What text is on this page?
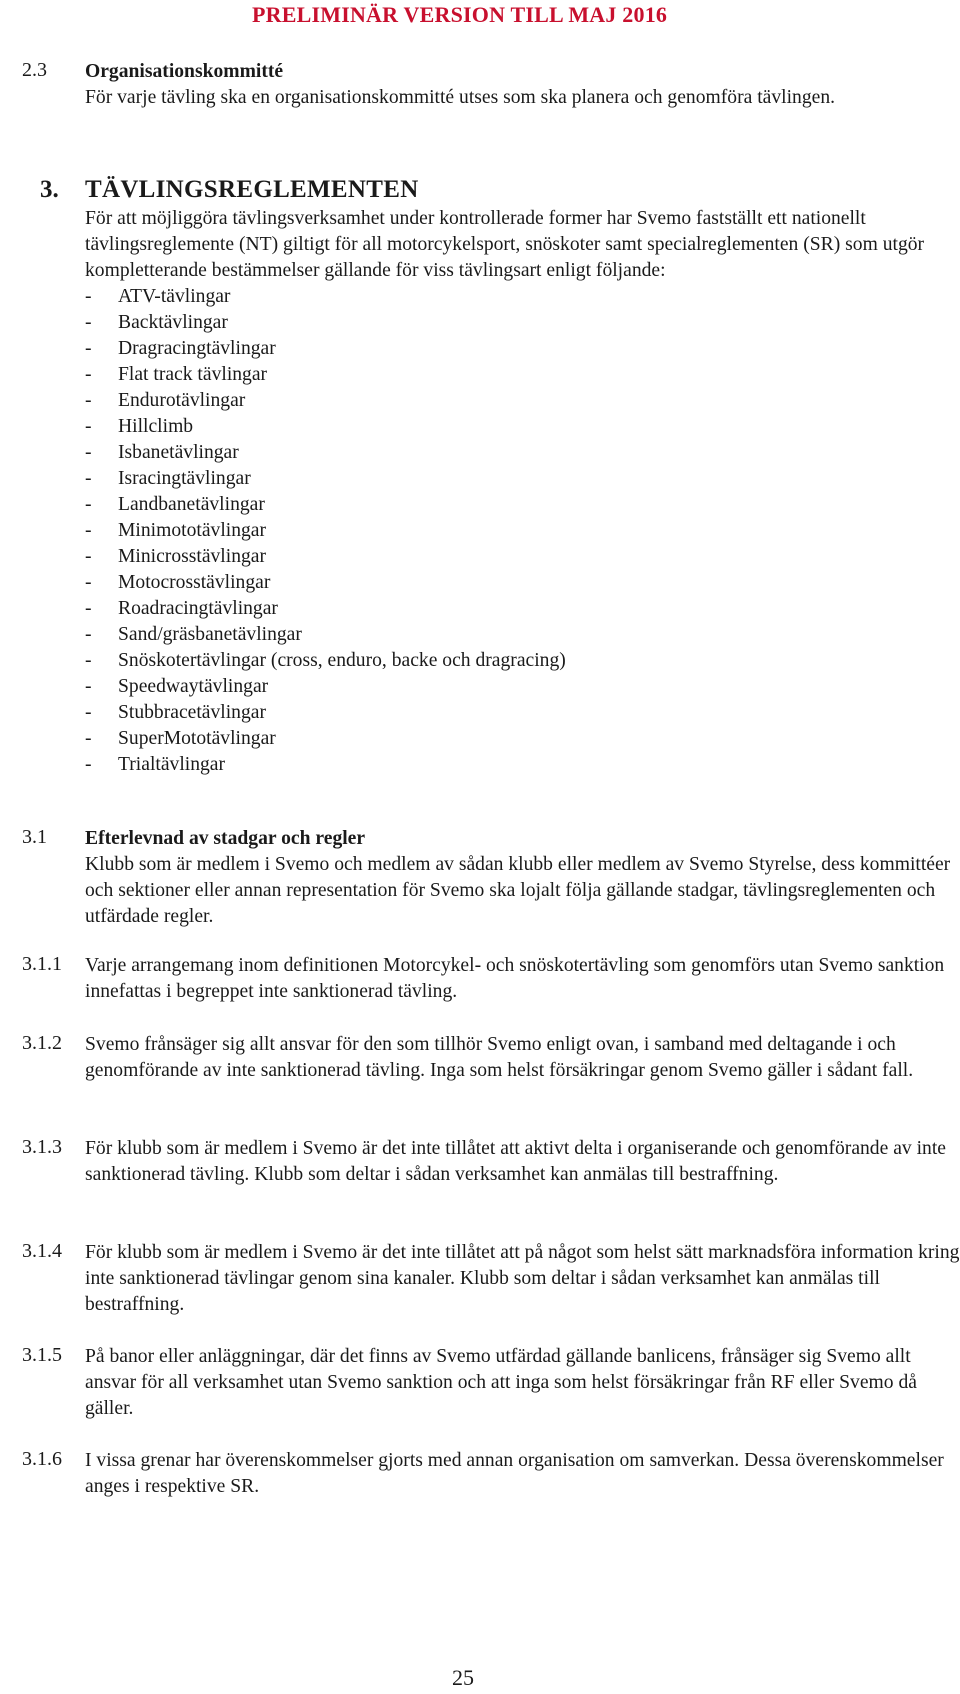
PRELIMINÄR VERSION TILL MAJ 2016
2.3 Organisationskommitté

För varje tävling ska en organisationskommitté utses som ska planera och genomföra tävlingen.

3. TÄVLINGSREGLEMENTEN

För att möjliggöra tävlingsverksamhet under kontrollerade former har Svemo fastställt ett nationellt tävlingsreglemente (NT) giltigt för all motorcykelsport, snöskoter samt specialreglementen (SR) som utgör kompletterande bestämmelser gällande för viss tävlingsart enligt följande:

- ATV-tävlingar
- Backtävlingar
- Dragracingtävlingar
- Flat track tävlingar
- Endurotävlingar
- Hillclimb
- Isbanetävlingar
- Isracingtävlingar
- Landbanetävlingar
- Minimototävlingar
- Minicrosstävlingar
- Motocrosstävlingar
- Roadracingtävlingar
- Sand/gräsbanetävlingar
- Snöskotertävlingar (cross, enduro, backe och dragracing)
- Speedwaytävlingar
- Stubbracetävlingar
- SuperMototävlingar
- Trialtävlingar
3.1 Efterlevnad av stadgar och regler

Klubb som är medlem i Svemo och medlem av sådan klubb eller medlem av Svemo Styrelse, dess kommittéer och sektioner eller annan representation för Svemo ska lojalt följa gällande stadgar, tävlingsreglementen och utfärdade regler.

3.1.1 Varje arrangemang inom definitionen Motorcykel- och snöskotertävling som genomförs utan Svemo sanktion innefattas i begreppet inte sanktionerad tävling.

3.1.2 Svemo frånsäger sig allt ansvar för den som tillhör Svemo enligt ovan, i samband med deltagande i och genomförande av inte sanktionerad tävling. Inga som helst försäkringar genom Svemo gäller i sådant fall.

3.1.3 För klubb som är medlem i Svemo är det inte tillåtet att aktivt delta i organiserande och genomförande av inte sanktionerad tävling. Klubb som deltar i sådan verksamhet kan anmälas till bestraffning.

3.1.4 För klubb som är medlem i Svemo är det inte tillåtet att på något som helst sätt marknadsföra information kring inte sanktionerad tävlingar genom sina kanaler. Klubb som deltar i sådan verksamhet kan anmälas till bestraffning.

3.1.5 På banor eller anläggningar, där det finns av Svemo utfärdad gällande banlicens, frånsäger sig Svemo allt ansvar för all verksamhet utan Svemo sanktion och att inga som helst försäkringar från RF eller Svemo då gäller.

3.1.6 I vissa grenar har överenskommelser gjorts med annan organisation om samverkan. Dessa överenskommelser anges i respektive SR.

25
